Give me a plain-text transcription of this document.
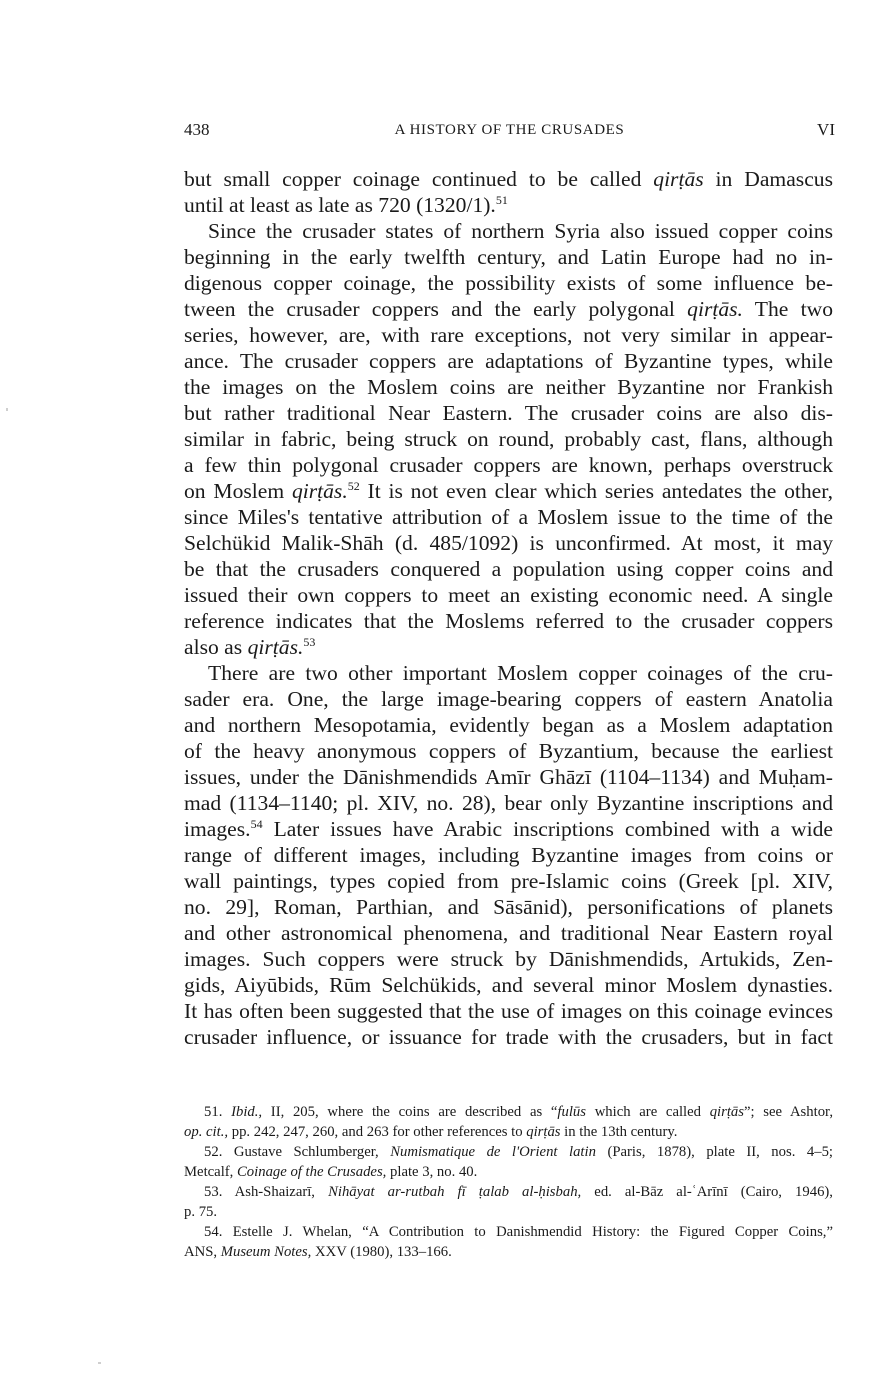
438	A HISTORY OF THE CRUSADES	VI
but small copper coinage continued to be called qirṭās in Damascus
until at least as late as 720 (1320/1).$^{51}$
Since the crusader states of northern Syria also issued copper coins
beginning in the early twelfth century, and Latin Europe had no in-
digenous copper coinage, the possibility exists of some influence be-
tween the crusader coppers and the early polygonal qirṭās. The two
series, however, are, with rare exceptions, not very similar in appear-
ance. The crusader coppers are adaptations of Byzantine types, while
the images on the Moslem coins are neither Byzantine nor Frankish
but rather traditional Near Eastern. The crusader coins are also dis-
similar in fabric, being struck on round, probably cast, flans, although
a few thin polygonal crusader coppers are known, perhaps overstruck
on Moslem qirṭās.$^{52}$ It is not even clear which series antedates the other,
since Miles's tentative attribution of a Moslem issue to the time of the
Selchükid Malik-Shāh (d. 485/1092) is unconfirmed. At most, it may
be that the crusaders conquered a population using copper coins and
issued their own coppers to meet an existing economic need. A single
reference indicates that the Moslems referred to the crusader coppers
also as qirṭās.$^{53}$
There are two other important Moslem copper coinages of the cru-
sader era. One, the large image-bearing coppers of eastern Anatolia
and northern Mesopotamia, evidently began as a Moslem adaptation
of the heavy anonymous coppers of Byzantium, because the earliest
issues, under the Dānishmendids Amīr Ghāzī (1104–1134) and Muḥam-
mad (1134–1140; pl. XIV, no. 28), bear only Byzantine inscriptions and
images.$^{54}$ Later issues have Arabic inscriptions combined with a wide
range of different images, including Byzantine images from coins or
wall paintings, types copied from pre-Islamic coins (Greek [pl. XIV,
no. 29], Roman, Parthian, and Sāsānid), personifications of planets
and other astronomical phenomena, and traditional Near Eastern royal
images. Such coppers were struck by Dānishmendids, Artukids, Zen-
gids, Aiyūbids, Rūm Selchükids, and several minor Moslem dynasties.
It has often been suggested that the use of images on this coinage evinces
crusader influence, or issuance for trade with the crusaders, but in fact
51. Ibid., II, 205, where the coins are described as “fulūs which are called qirṭās”; see Ashtor,
op. cit., pp. 242, 247, 260, and 263 for other references to qirṭās in the 13th century.
52. Gustave Schlumberger, Numismatique de l'Orient latin (Paris, 1878), plate II, nos. 4–5;
Metcalf, Coinage of the Crusades, plate 3, no. 40.
53. Ash-Shaizarī, Nihāyat ar-rutbah fī ṭalab al-ḥisbah, ed. al-Bāz al-ʿArīnī (Cairo, 1946),
p. 75.
54. Estelle J. Whelan, “A Contribution to Danishmendid History: the Figured Copper Coins,”
ANS, Museum Notes, XXV (1980), 133–166.
